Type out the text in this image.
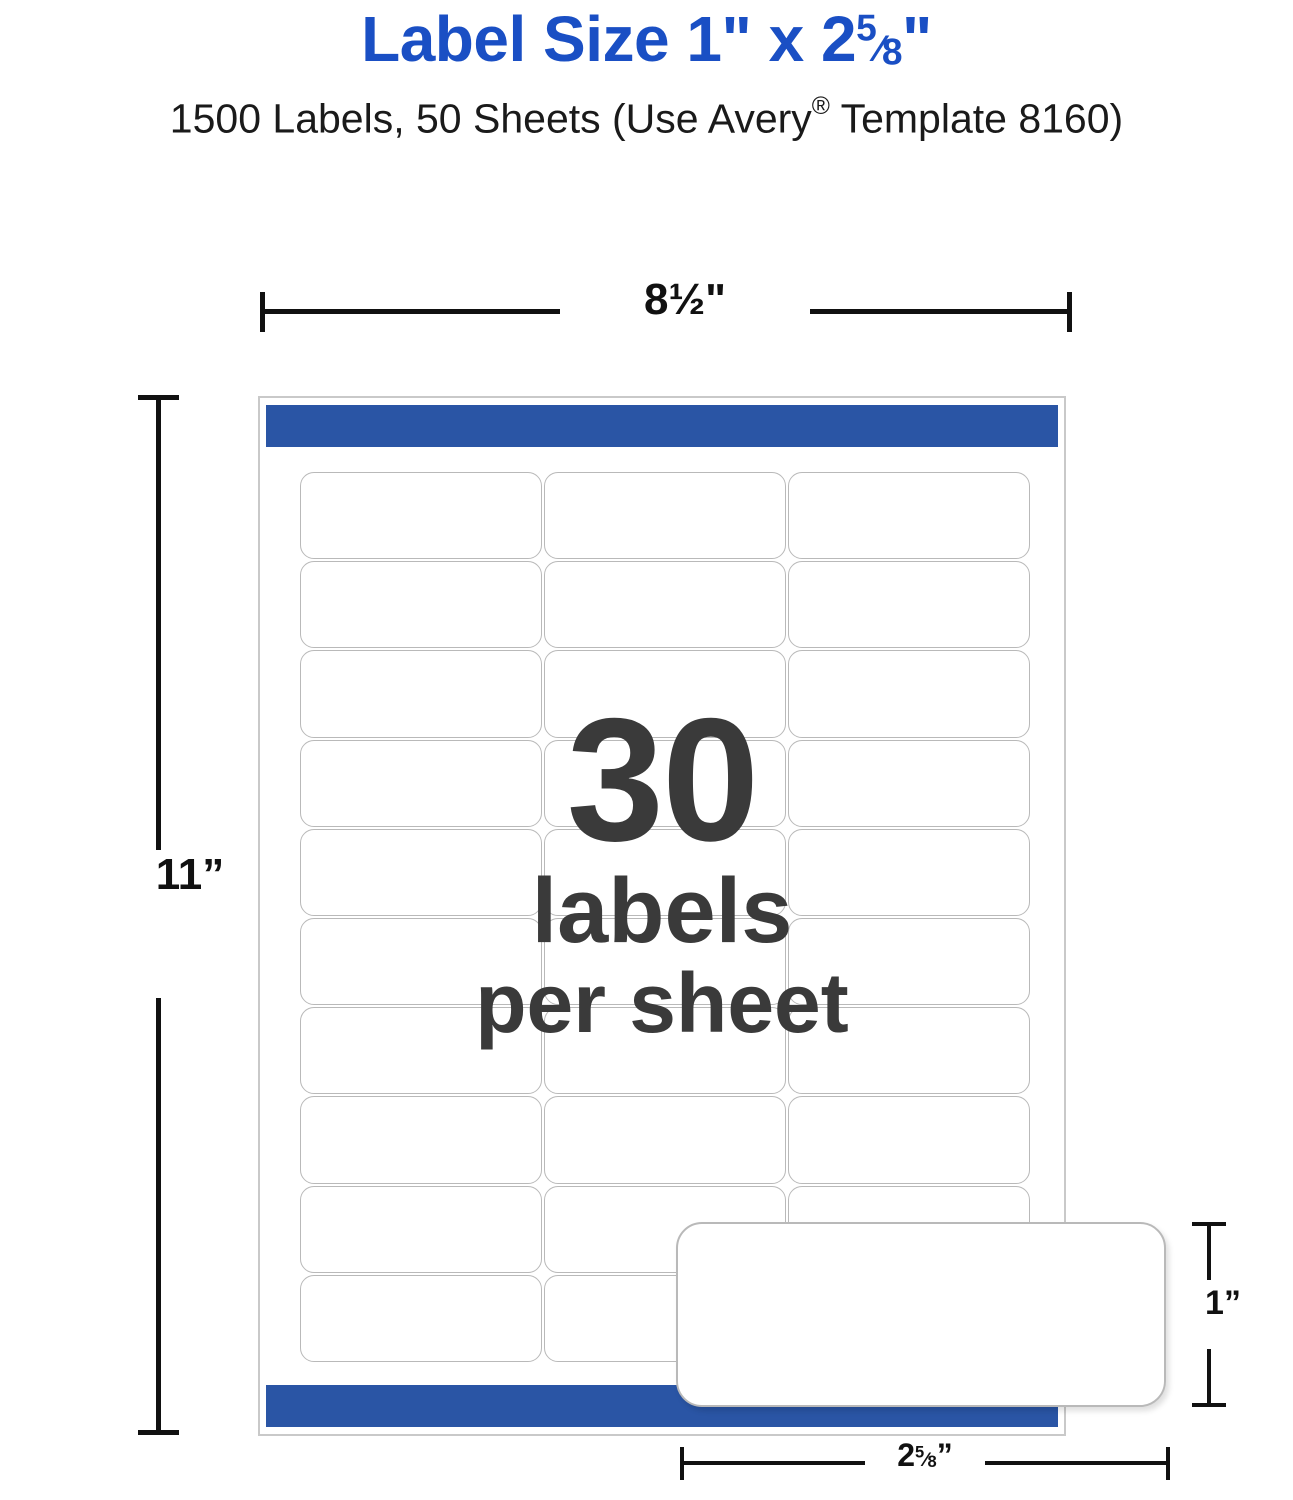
Label Size 1" x $2^5⁄_8$"
1500 Labels, 50 Sheets (Use Avery® Template 8160)
8½"
11”	30
labels
per sheet
1”
$2^5⁄_8$”
